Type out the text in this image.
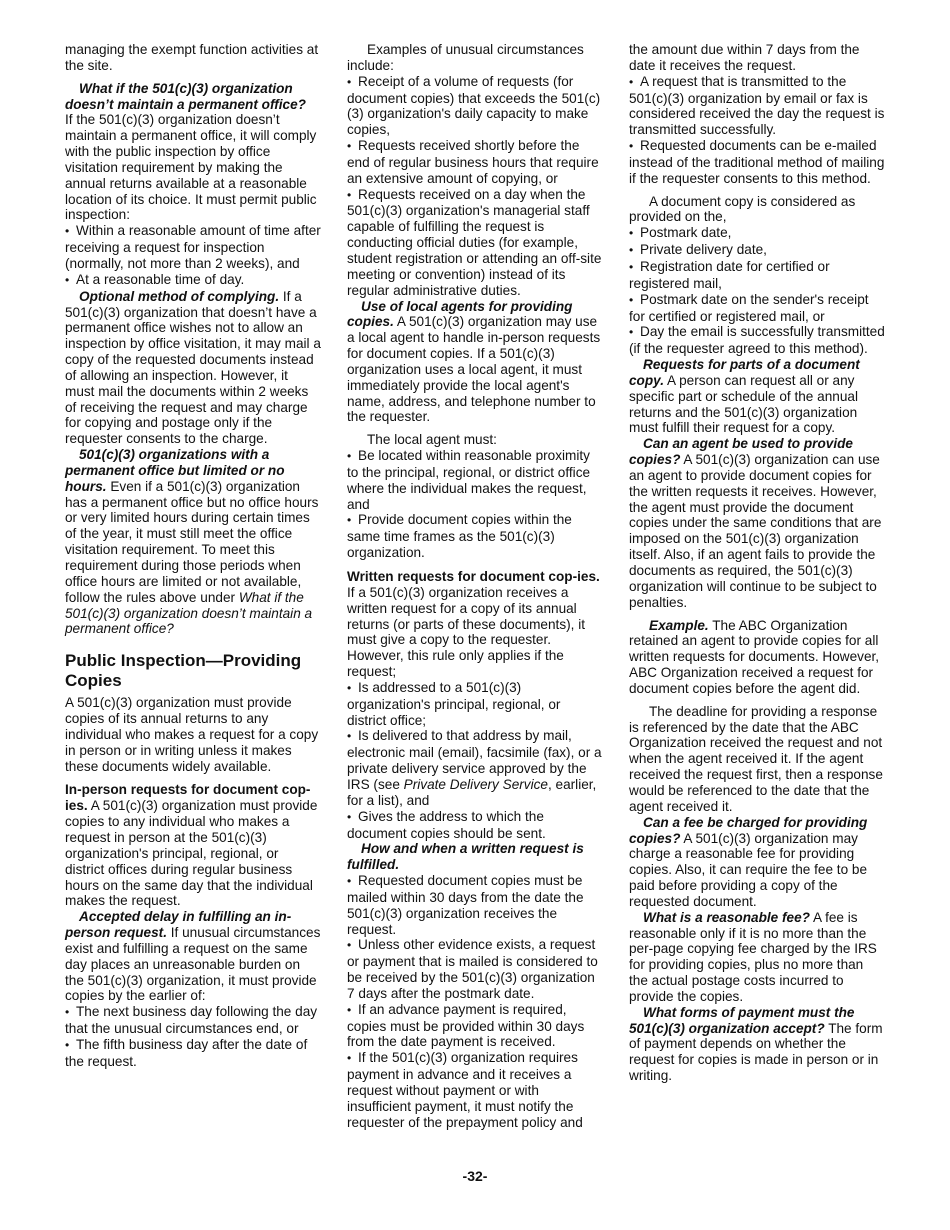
managing the exempt function activities at the site.

What if the 501(c)(3) organization doesn’t maintain a permanent office?

If the 501(c)(3) organization doesn’t maintain a permanent office, it will comply with the public inspection by office visitation requirement by making the annual returns available at a reasonable location of its choice. It must permit public inspection:

• Within a reasonable amount of time after receiving a request for inspection (normally, not more than 2 weeks), and

• At a reasonable time of day.

Optional method of complying. If a 501(c)(3) organization that doesn’t have a permanent office wishes not to allow an inspection by office visitation, it may mail a copy of the requested documents instead of allowing an inspection. However, it must mail the documents within 2 weeks of receiving the request and may charge for copying and postage only if the requester consents to the charge.

501(c)(3) organizations with a permanent office but limited or no hours. Even if a 501(c)(3) organization has a permanent office but no office hours or very limited hours during certain times of the year, it must still meet the office visitation requirement. To meet this requirement during those periods when office hours are limited or not available, follow the rules above under What if the 501(c)(3) organization doesn’t maintain a permanent office?

Public Inspection—Providing Copies

A 501(c)(3) organization must provide copies of its annual returns to any individual who makes a request for a copy in person or in writing unless it makes these documents widely available.

In-person requests for document cop-ies. A 501(c)(3) organization must provide copies to any individual who makes a request in person at the 501(c)(3) organization's principal, regional, or district offices during regular business hours on the same day that the individual makes the request.

Accepted delay in fulfilling an in-person request. If unusual circumstances exist and fulfilling a request on the same day places an unreasonable burden on the 501(c)(3) organization, it must provide copies by the earlier of:

• The next business day following the day that the unusual circumstances end, or

• The fifth business day after the date of the request.

Examples of unusual circumstances include:

• Receipt of a volume of requests (for document copies) that exceeds the 501(c)(3) organization's daily capacity to make copies,

• Requests received shortly before the end of regular business hours that require an extensive amount of copying, or

• Requests received on a day when the 501(c)(3) organization's managerial staff capable of fulfilling the request is conducting official duties (for example, student registration or attending an off-site meeting or convention) instead of its regular administrative duties.

Use of local agents for providing copies. A 501(c)(3) organization may use a local agent to handle in-person requests for document copies. If a 501(c)(3) organization uses a local agent, it must immediately provide the local agent's name, address, and telephone number to the requester.

The local agent must:

• Be located within reasonable proximity to the principal, regional, or district office where the individual makes the request, and

• Provide document copies within the same time frames as the 501(c)(3) organization.

Written requests for document cop-ies. If a 501(c)(3) organization receives a written request for a copy of its annual returns (or parts of these documents), it must give a copy to the requester. However, this rule only applies if the request;

• Is addressed to a 501(c)(3) organization's principal, regional, or district office;

• Is delivered to that address by mail, electronic mail (email), facsimile (fax), or a private delivery service approved by the IRS (see Private Delivery Service, earlier, for a list), and

• Gives the address to which the document copies should be sent.

How and when a written request is fulfilled.

• Requested document copies must be mailed within 30 days from the date the 501(c)(3) organization receives the request.

• Unless other evidence exists, a request or payment that is mailed is considered to be received by the 501(c)(3) organization 7 days after the postmark date.

• If an advance payment is required, copies must be provided within 30 days from the date payment is received.

• If the 501(c)(3) organization requires payment in advance and it receives a request without payment or with insufficient payment, it must notify the requester of the prepayment policy and

the amount due within 7 days from the date it receives the request.

• A request that is transmitted to the 501(c)(3) organization by email or fax is considered received the day the request is transmitted successfully.

• Requested documents can be e-mailed instead of the traditional method of mailing if the requester consents to this method.

A document copy is considered as provided on the,

• Postmark date,

• Private delivery date,

• Registration date for certified or registered mail,

• Postmark date on the sender's receipt for certified or registered mail, or

• Day the email is successfully transmitted (if the requester agreed to this method).

Requests for parts of a document copy. A person can request all or any specific part or schedule of the annual returns and the 501(c)(3) organization must fulfill their request for a copy.

Can an agent be used to provide copies? A 501(c)(3) organization can use an agent to provide document copies for the written requests it receives. However, the agent must provide the document copies under the same conditions that are imposed on the 501(c)(3) organization itself. Also, if an agent fails to provide the documents as required, the 501(c)(3) organization will continue to be subject to penalties.

Example. The ABC Organization retained an agent to provide copies for all written requests for documents. However, ABC Organization received a request for document copies before the agent did.

The deadline for providing a response is referenced by the date that the ABC Organization received the request and not when the agent received it. If the agent received the request first, then a response would be referenced to the date that the agent received it.

Can a fee be charged for providing copies? A 501(c)(3) organization may charge a reasonable fee for providing copies. Also, it can require the fee to be paid before providing a copy of the requested document.

What is a reasonable fee? A fee is reasonable only if it is no more than the per-page copying fee charged by the IRS for providing copies, plus no more than the actual postage costs incurred to provide the copies.

What forms of payment must the 501(c)(3) organization accept? The form of payment depends on whether the request for copies is made in person or in writing.

-32-
